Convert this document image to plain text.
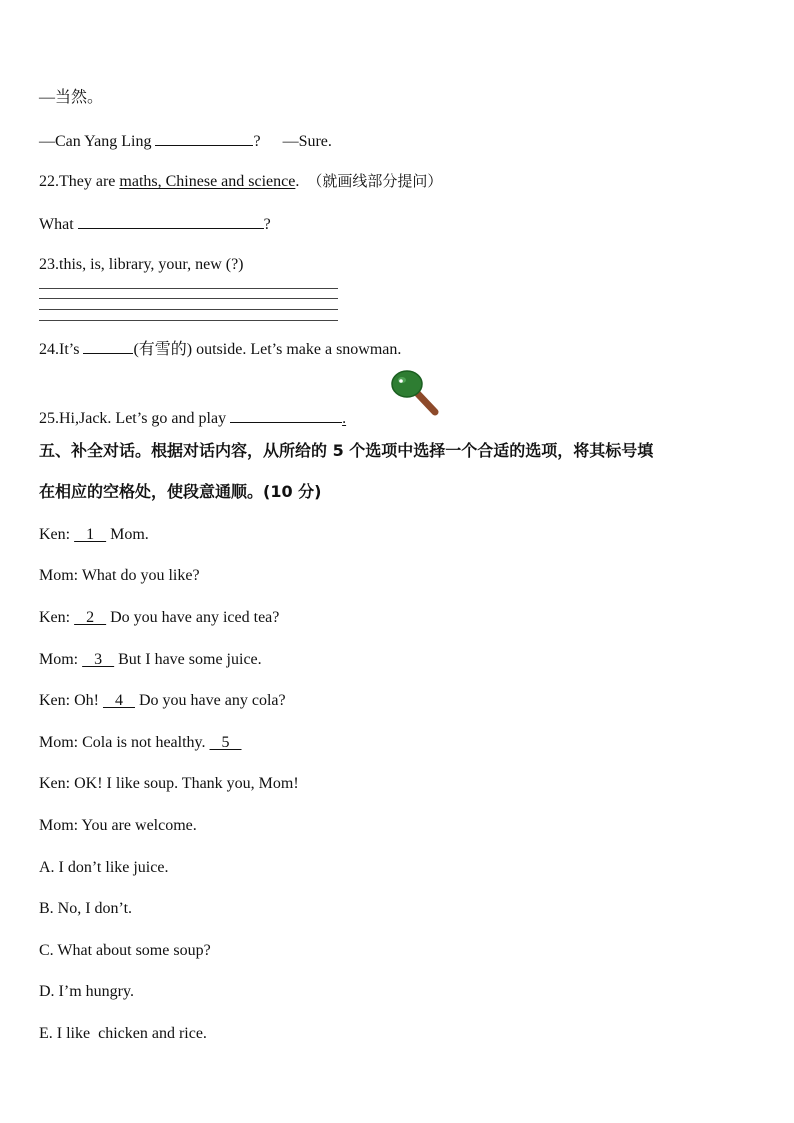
—当然。
—Can Yang Ling	? —Sure.
22.They are maths, Chinese and science. （就画线部分提问）
What	?
23.this, is, library, your, new (?)
24.It’s	(有雪的) outside. Let’s make a snowman.
25.Hi,Jack. Let’s go and play	.
五、补全对话。根据对话内容，从所给的 5 个选项中选择一个合适的选项，将其标号填
在相应的空格处，使段意通顺。(10 分)
Ken:    1    Mom.
Mom: What do you like?
Ken:    2    Do you have any iced tea?
Mom:    3    But I have some juice.
Ken: Oh!    4    Do you have any cola?
Mom: Cola is not healthy.    5
Ken: OK! I like soup. Thank you, Mom!
Mom: You are welcome.
A. I don’t like juice.
B. No, I don’t.
C. What about some soup?
D. I’m hungry.
E. I like  chicken and rice.
